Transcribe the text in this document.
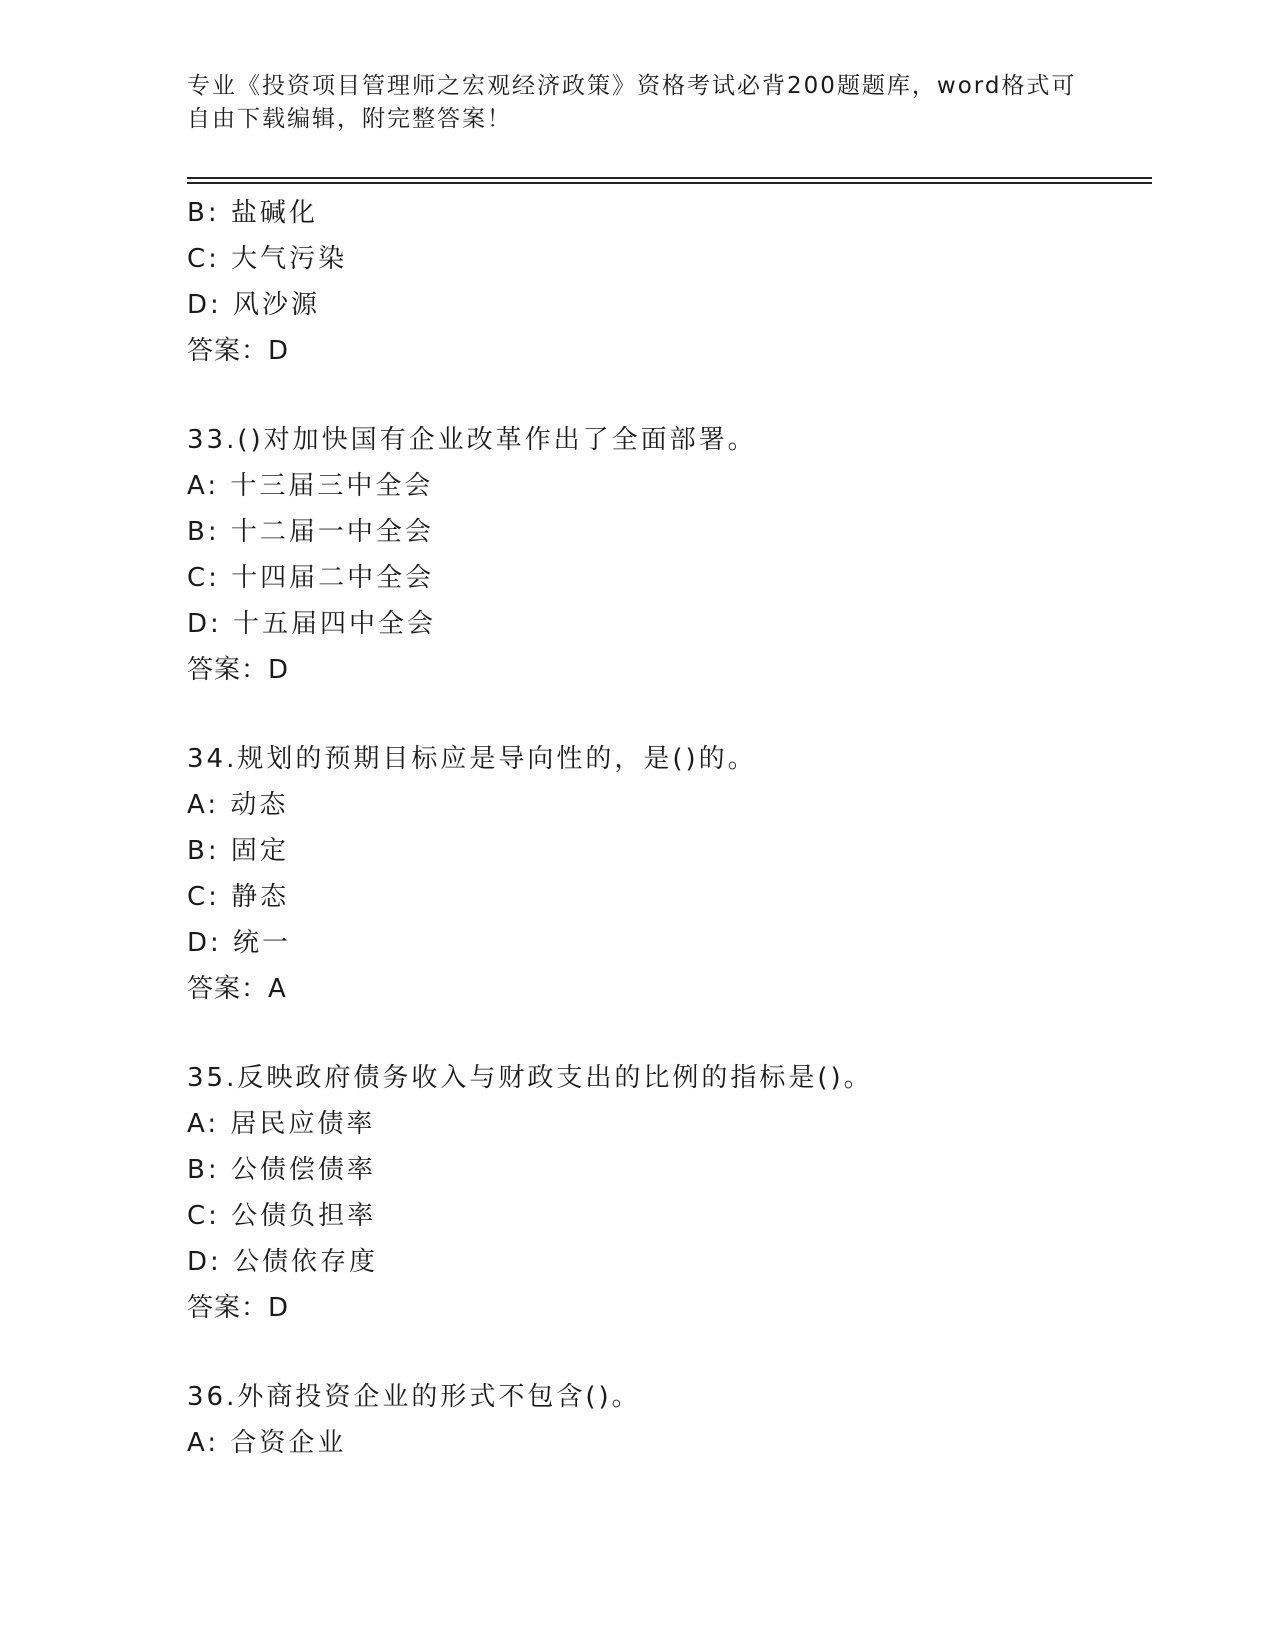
专业《投资项目管理师之宏观经济政策》资格考试必背200题题库，word格式可
自由下载编辑，附完整答案！
B: 盐碱化
C: 大气污染
D: 风沙源
答案：D
33.()对加快国有企业改革作出了全面部署。
A: 十三届三中全会
B: 十二届一中全会
C: 十四届二中全会
D: 十五届四中全会
答案：D
34.规划的预期目标应是导向性的，是()的。
A: 动态
B: 固定
C: 静态
D: 统一
答案：A
35.反映政府债务收入与财政支出的比例的指标是()。
A: 居民应债率
B: 公债偿债率
C: 公债负担率
D: 公债依存度
答案：D
36.外商投资企业的形式不包含()。
A: 合资企业
